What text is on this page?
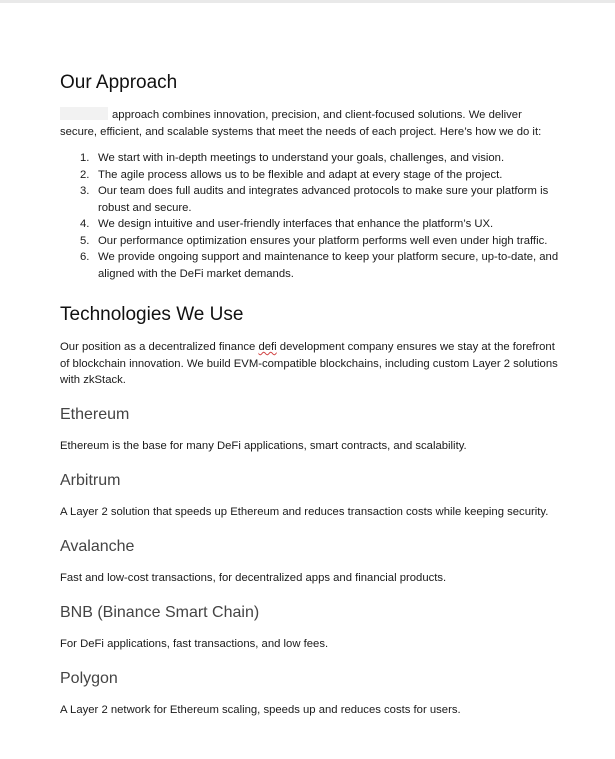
Our Approach

approach combines innovation, precision, and client-focused solutions. We deliver secure, efficient, and scalable systems that meet the needs of each project. Here’s how we do it:

1. We start with in-depth meetings to understand your goals, challenges, and vision.
2. The agile process allows us to be flexible and adapt at every stage of the project.
3. Our team does full audits and integrates advanced protocols to make sure your platform is robust and secure.
4. We design intuitive and user-friendly interfaces that enhance the platform’s UX.
5. Our performance optimization ensures your platform performs well even under high traffic.
6. We provide ongoing support and maintenance to keep your platform secure, up-to-date, and aligned with the DeFi market demands.
Technologies We Use

Our position as a decentralized finance defi development company ensures we stay at the forefront of blockchain innovation. We build EVM-compatible blockchains, including custom Layer 2 solutions with zkStack.

Ethereum

Ethereum is the base for many DeFi applications, smart contracts, and scalability.

Arbitrum

A Layer 2 solution that speeds up Ethereum and reduces transaction costs while keeping security.

Avalanche

Fast and low-cost transactions, for decentralized apps and financial products.

BNB (Binance Smart Chain)

For DeFi applications, fast transactions, and low fees.

Polygon

A Layer 2 network for Ethereum scaling, speeds up and reduces costs for users.
